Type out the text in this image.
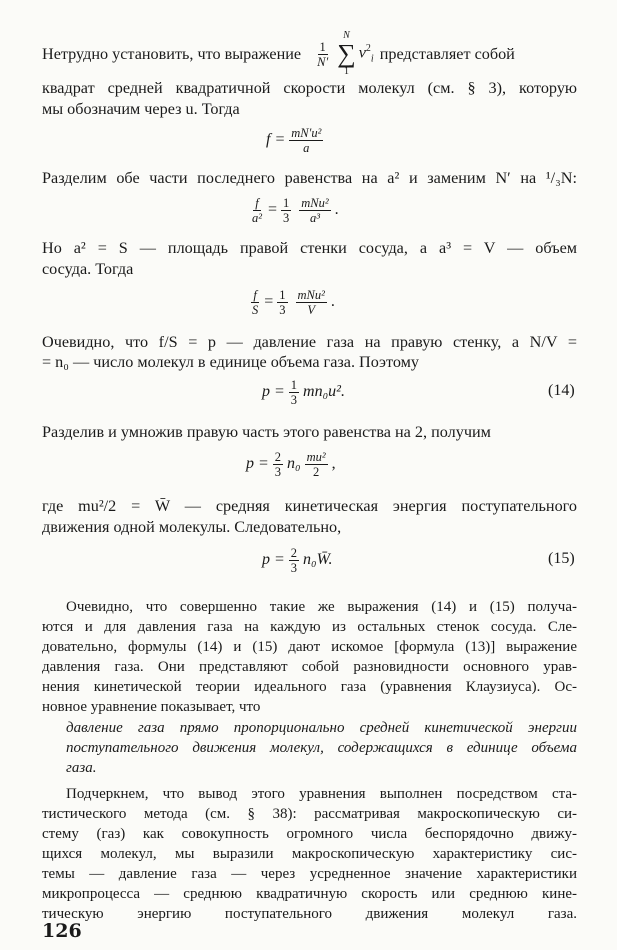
Нетрудно установить, что выражение $\frac{1}{N'}$
N
∑
1
$v^2_i$ представляет собой
квадрат средней квадратичной скорости молекул (см. § 3), которую
мы обозначим через u. Тогда
$f = \frac{\text{mN′u²}}{a}$
Разделим обе части последнего равенства на a² и заменим N′ на ¹/₃N:
$\frac{f}{\text{a²}} = \frac{1}{3} \frac{\text{mNu²}}{\text{a³}}$ .
Но a² = S — площадь правой стенки сосуда, а a³ = V — объем
сосуда. Тогда
$\frac{f}{S} = \frac{1}{3} \frac{\text{mNu²}}{V}$ .
Очевидно, что f/S = p — давление газа на правую стенку, а N/V =
= n₀ — число молекул в единице объема газа. Поэтому
$p = \frac{1}{3} mn_0u^2$.	(14)
Разделив и умножив правую часть этого равенства на 2, получим
$p = \frac{2}{3} n_0 \frac{\text{mu²}}{2}$ ,
где mu²/2 = W̄ — средняя кинетическая энергия поступательного
движения одной молекулы. Следовательно,
$p = \frac{2}{3}$ n₀W̄.	(15)
Очевидно, что совершенно такие же выражения (14) и (15) получа-
ются и для давления газа на каждую из остальных стенок сосуда. Сле-
довательно, формулы (14) и (15) дают искомое [формула (13)] выражение
давления газа. Они представляют собой разновидности основного урав-
нения кинетической теории идеального газа (уравнения Клаузиуса). Ос-
новное уравнение показывает, что
давление газа прямо пропорционально средней кинетической энергии
поступательного движения молекул, содержащихся в единице объема
газа.
Подчеркнем, что вывод этого уравнения выполнен посредством ста-
тистического метода (см. § 38): рассматривая макроскопическую си-
стему (газ) как совокупность огромного числа беспорядочно движу-
щихся молекул, мы выразили макроскопическую характеристику сис-
темы — давление газа — через усредненное значение характеристики
микропроцесса — среднюю квадратичную скорость или среднюю кине-
тическую энергию поступательного движения молекул газа.
126
